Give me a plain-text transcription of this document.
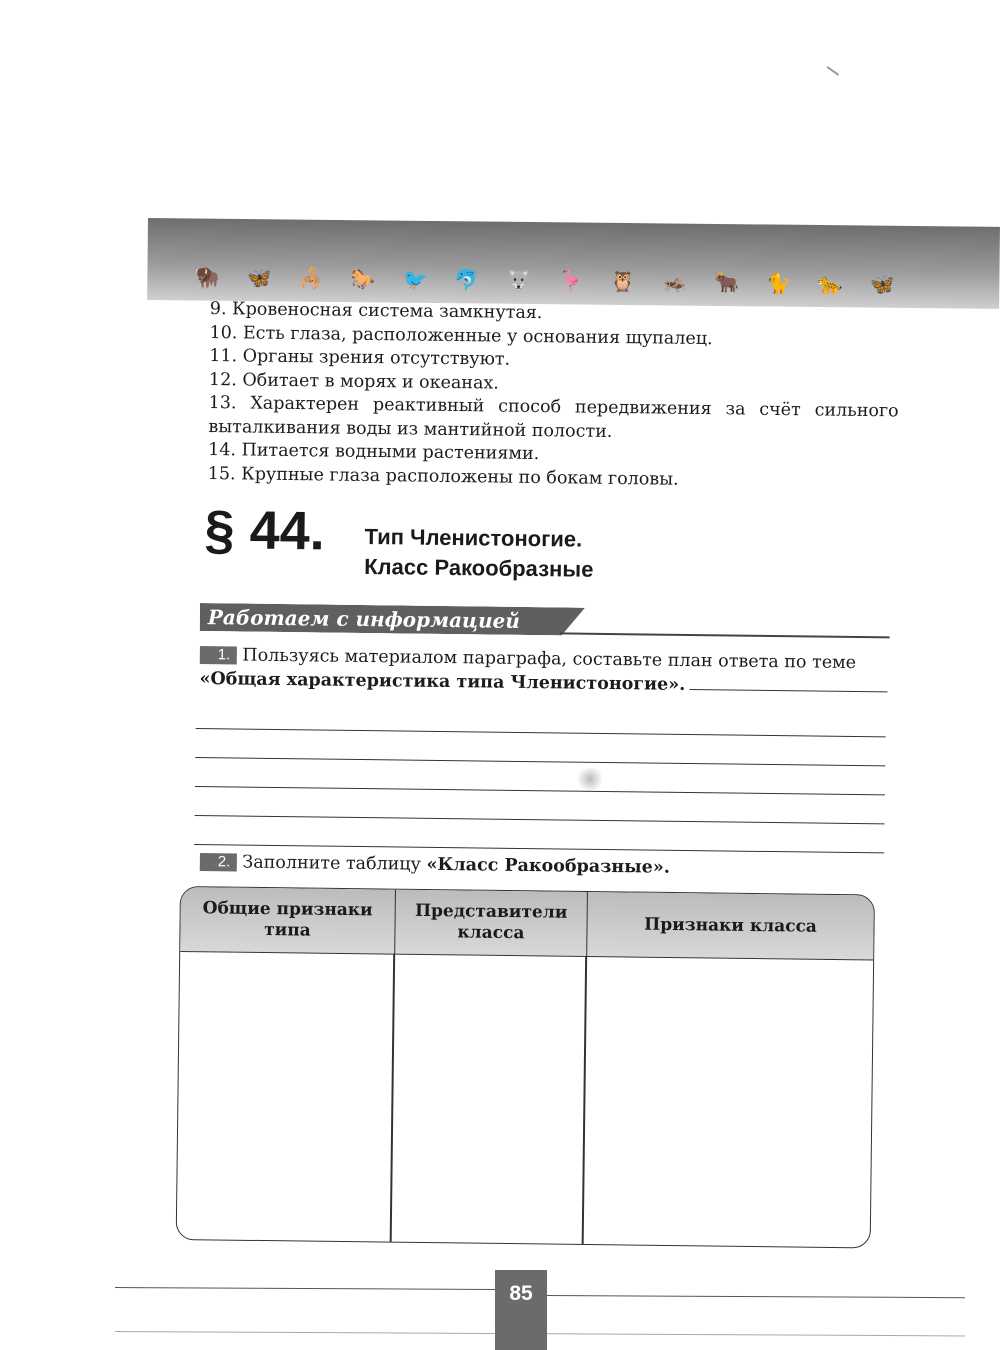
🦬 🦋 🦂 🐎 🐦 🐬 🐺 🦩 🦉 🦗 🐂 🐈 🐆 🦋

9. Кровеносная система замкнутая.

10. Есть глаза, расположенные у основания щупалец.

11. Органы зрения отсутствуют.

12. Обитает в морях и океанах.

13. Характерен реактивный способ передвижения за счёт сильного выталкивания воды из мантийной полости.

14. Питается водными растениями.

15. Крупные глаза расположены по бокам головы.

§ 44. Тип Членистоногие.
Класс Ракообразные
Работаем с информацией
1. Пользуясь материалом параграфа, составьте план ответа по теме
«Общая характеристика типа Членистоногие».
2. Заполните таблицу «Класс Ракообразные».
Общие признаки типа
Представители класса	Признаки класса
85
